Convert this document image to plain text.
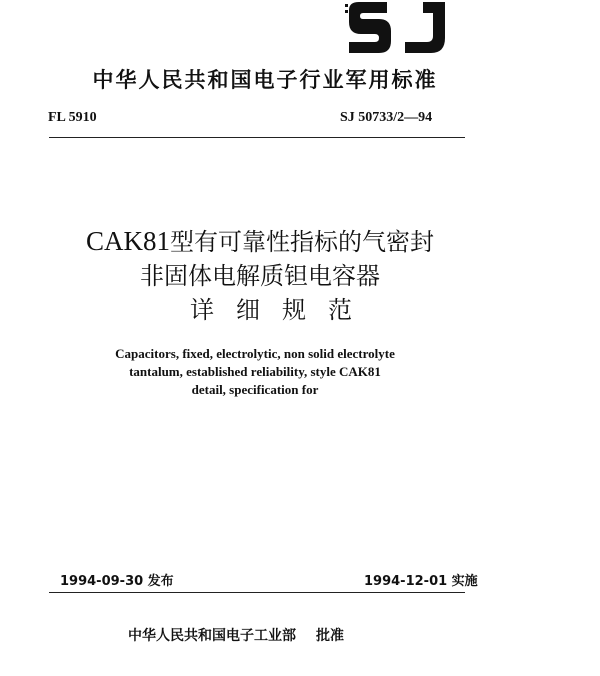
中华人民共和国电子行业军用标准
FL 5910	SJ 50733/2—94
CAK81型有可靠性指标的气密封
非固体电解质钽电容器
详细规范
Capacitors, fixed, electrolytic, non solid electrolyte
tantalum, established reliability, style CAK81
detail, specification for
1994-09-30 发布	1994-12-01 实施
中华人民共和国电子工业部 批准
